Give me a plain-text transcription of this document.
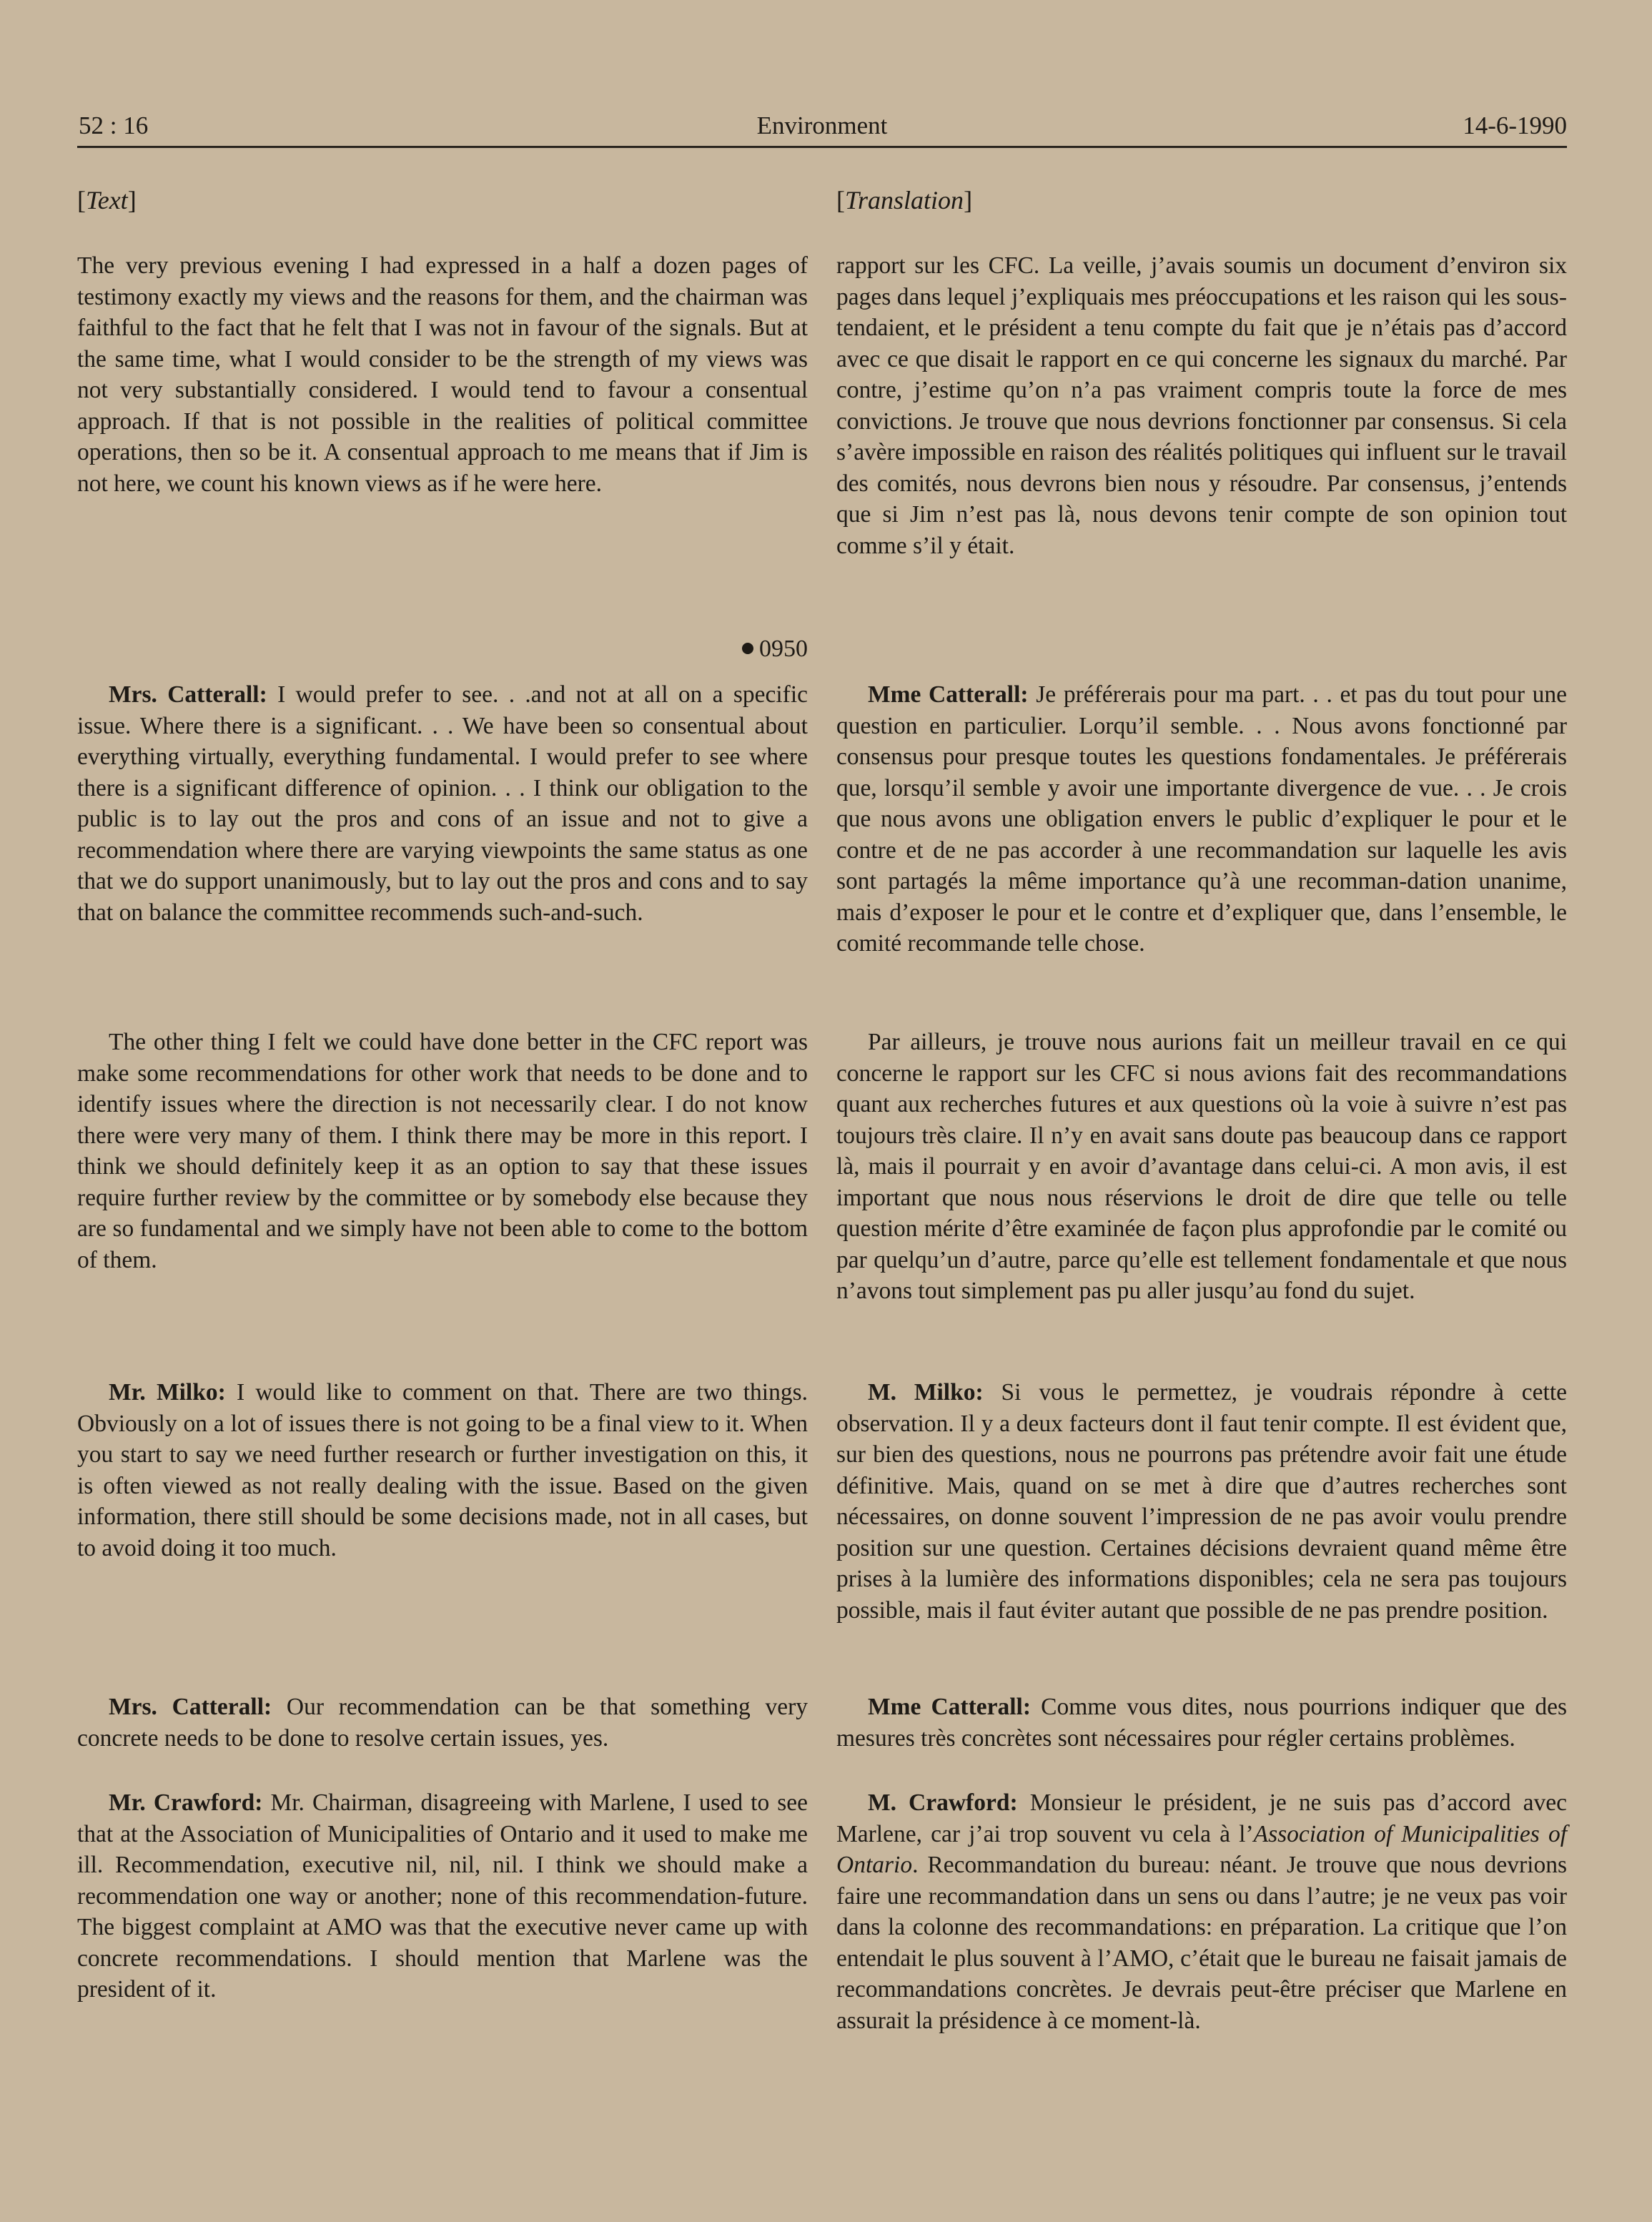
52 : 16	Environment	14-6-1990
[Text]
The very previous evening I had expressed in a half a dozen pages of testimony exactly my views and the reasons for them, and the chairman was faithful to the fact that he felt that I was not in favour of the signals. But at the same time, what I would consider to be the strength of my views was not very substantially considered. I would tend to favour a consentual approach. If that is not possible in the realities of political committee operations, then so be it. A consentual approach to me means that if Jim is not here, we count his known views as if he were here.
0950
Mrs. Catterall: I would prefer to see. . .and not at all on a specific issue. Where there is a significant. . . We have been so consentual about everything virtually, everything fundamental. I would prefer to see where there is a significant difference of opinion. . . I think our obligation to the public is to lay out the pros and cons of an issue and not to give a recommendation where there are varying viewpoints the same status as one that we do support unanimously, but to lay out the pros and cons and to say that on balance the committee recommends such-and-such.
The other thing I felt we could have done better in the CFC report was make some recommendations for other work that needs to be done and to identify issues where the direction is not necessarily clear. I do not know there were very many of them. I think there may be more in this report. I think we should definitely keep it as an option to say that these issues require further review by the committee or by somebody else because they are so fundamental and we simply have not been able to come to the bottom of them.
Mr. Milko: I would like to comment on that. There are two things. Obviously on a lot of issues there is not going to be a final view to it. When you start to say we need further research or further investigation on this, it is often viewed as not really dealing with the issue. Based on the given information, there still should be some decisions made, not in all cases, but to avoid doing it too much.
Mrs. Catterall: Our recommendation can be that something very concrete needs to be done to resolve certain issues, yes.
Mr. Crawford: Mr. Chairman, disagreeing with Marlene, I used to see that at the Association of Municipalities of Ontario and it used to make me ill. Recommendation, executive nil, nil, nil. I think we should make a recommendation one way or another; none of this recommendation-future. The biggest complaint at AMO was that the executive never came up with concrete recommendations. I should mention that Marlene was the president of it.
[Translation]
rapport sur les CFC. La veille, j’avais soumis un document d’environ six pages dans lequel j’expliquais mes préoccupations et les raison qui les sous-tendaient, et le président a tenu compte du fait que je n’étais pas d’accord avec ce que disait le rapport en ce qui concerne les signaux du marché. Par contre, j’estime qu’on n’a pas vraiment compris toute la force de mes convictions. Je trouve que nous devrions fonctionner par consensus. Si cela s’avère impossible en raison des réalités politiques qui influent sur le travail des comités, nous devrons bien nous y résoudre. Par consensus, j’entends que si Jim n’est pas là, nous devons tenir compte de son opinion tout comme s’il y était.
Mme Catterall: Je préférerais pour ma part. . . et pas du tout pour une question en particulier. Lorqu’il semble. . . Nous avons fonctionné par consensus pour presque toutes les questions fondamentales. Je préférerais que, lorsqu’il semble y avoir une importante divergence de vue. . . Je crois que nous avons une obligation envers le public d’expliquer le pour et le contre et de ne pas accorder à une recommandation sur laquelle les avis sont partagés la même importance qu’à une recomman-dation unanime, mais d’exposer le pour et le contre et d’expliquer que, dans l’ensemble, le comité recommande telle chose.
Par ailleurs, je trouve nous aurions fait un meilleur travail en ce qui concerne le rapport sur les CFC si nous avions fait des recommandations quant aux recherches futures et aux questions où la voie à suivre n’est pas toujours très claire. Il n’y en avait sans doute pas beaucoup dans ce rapport là, mais il pourrait y en avoir d’avantage dans celui-ci. A mon avis, il est important que nous nous réservions le droit de dire que telle ou telle question mérite d’être examinée de façon plus approfondie par le comité ou par quelqu’un d’autre, parce qu’elle est tellement fondamentale et que nous n’avons tout simplement pas pu aller jusqu’au fond du sujet.
M. Milko: Si vous le permettez, je voudrais répondre à cette observation. Il y a deux facteurs dont il faut tenir compte. Il est évident que, sur bien des questions, nous ne pourrons pas prétendre avoir fait une étude définitive. Mais, quand on se met à dire que d’autres recherches sont nécessaires, on donne souvent l’impression de ne pas avoir voulu prendre position sur une question. Certaines décisions devraient quand même être prises à la lumière des informations disponibles; cela ne sera pas toujours possible, mais il faut éviter autant que possible de ne pas prendre position.
Mme Catterall: Comme vous dites, nous pourrions indiquer que des mesures très concrètes sont nécessaires pour régler certains problèmes.
M. Crawford: Monsieur le président, je ne suis pas d’accord avec Marlene, car j’ai trop souvent vu cela à l’Association of Municipalities of Ontario. Recommandation du bureau: néant. Je trouve que nous devrions faire une recommandation dans un sens ou dans l’autre; je ne veux pas voir dans la colonne des recommandations: en préparation. La critique que l’on entendait le plus souvent à l’AMO, c’était que le bureau ne faisait jamais de recommandations concrètes. Je devrais peut-être préciser que Marlene en assurait la présidence à ce moment-là.
